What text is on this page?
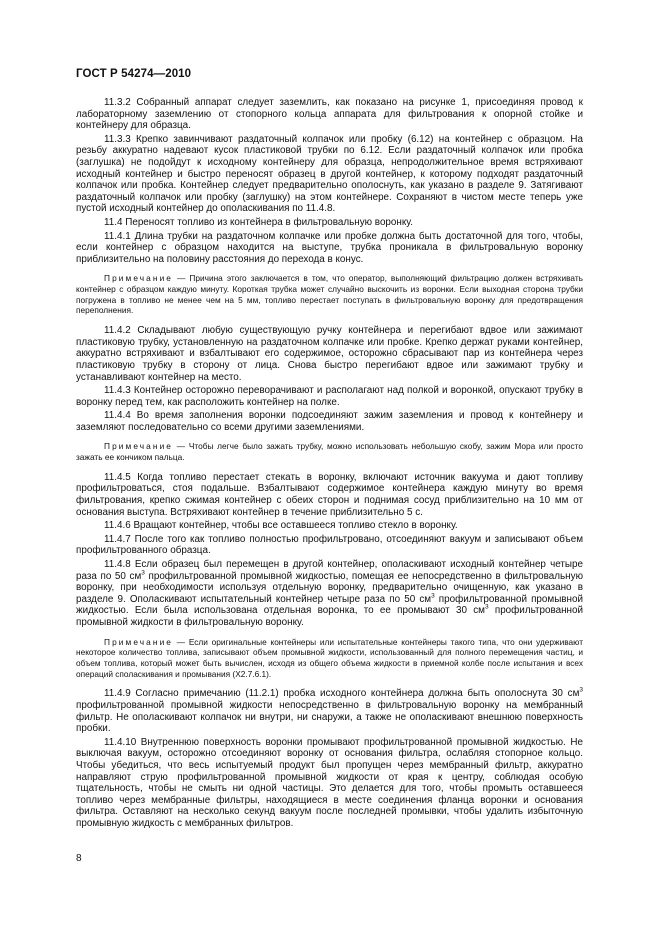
ГОСТ Р 54274—2010

11.3.2 Собранный аппарат следует заземлить, как показано на рисунке 1, присоединяя провод к лабораторному заземлению от стопорного кольца аппарата для фильтрования к опорной стойке и контейнеру для образца.

11.3.3 Крепко завинчивают раздаточный колпачок или пробку (6.12) на контейнер с образцом. На резьбу аккуратно надевают кусок пластиковой трубки по 6.12. Если раздаточный колпачок или пробка (заглушка) не подойдут к исходному контейнеру для образца, непродолжительное время встряхивают исходный контейнер и быстро переносят образец в другой контейнер, к которому подходят раздаточный колпачок или пробка. Контейнер следует предварительно ополоснуть, как указано в разделе 9. Затягивают раздаточный колпачок или пробку (заглушку) на этом контейнере. Сохраняют в чистом месте теперь уже пустой исходный контейнер до ополаскивания по 11.4.8.

11.4 Переносят топливо из контейнера в фильтровальную воронку.

11.4.1 Длина трубки на раздаточном колпачке или пробке должна быть достаточной для того, чтобы, если контейнер с образцом находится на выступе, трубка проникала в фильтровальную воронку приблизительно на половину расстояния до перехода в конус.

Примечание — Причина этого заключается в том, что оператор, выполняющий фильтрацию должен встряхивать контейнер с образцом каждую минуту. Короткая трубка может случайно выскочить из воронки. Если выходная сторона трубки погружена в топливо не менее чем на 5 мм, топливо перестает поступать в фильтровальную воронку для предотвращения переполнения.

11.4.2 Складывают любую существующую ручку контейнера и перегибают вдвое или зажимают пластиковую трубку, установленную на раздаточном колпачке или пробке. Крепко держат руками контейнер, аккуратно встряхивают и взбалтывают его содержимое, осторожно сбрасывают пар из контейнера через пластиковую трубку в сторону от лица. Снова быстро перегибают вдвое или зажимают трубку и устанавливают контейнер на место.

11.4.3 Контейнер осторожно переворачивают и располагают над полкой и воронкой, опускают трубку в воронку перед тем, как расположить контейнер на полке.

11.4.4 Во время заполнения воронки подсоединяют зажим заземления и провод к контейнеру и заземляют последовательно со всеми другими заземлениями.

Примечание — Чтобы легче было зажать трубку, можно использовать небольшую скобу, зажим Мора или просто зажать ее кончиком пальца.

11.4.5 Когда топливо перестает стекать в воронку, включают источник вакуума и дают топливу профильтроваться, стоя подальше. Взбалтывают содержимое контейнера каждую минуту во время фильтрования, крепко сжимая контейнер с обеих сторон и поднимая сосуд приблизительно на 10 мм от основания выступа. Встряхивают контейнер в течение приблизительно 5 с.

11.4.6 Вращают контейнер, чтобы все оставшееся топливо стекло в воронку.

11.4.7 После того как топливо полностью профильтровано, отсоединяют вакуум и записывают объем профильтрованного образца.

11.4.8 Если образец был перемещен в другой контейнер, ополаскивают исходный контейнер четыре раза по 50 $см^3$ профильтрованной промывной жидкостью, помещая ее непосредственно в фильтровальную воронку, при необходимости используя отдельную воронку, предварительно очищенную, как указано в разделе 9. Ополаскивают испытательный контейнер четыре раза по 50 $см^3$ профильтрованной промывной жидкостью. Если была использована отдельная воронка, то ее промывают 30 $см^3$ профильтрованной промывной жидкости в фильтровальную воронку.

Примечание — Если оригинальные контейнеры или испытательные контейнеры такого типа, что они удерживают некоторое количество топлива, записывают объем промывной жидкости, использованный для полного перемещения частиц, и объем топлива, который может быть вычислен, исходя из общего объема жидкости в приемной колбе после испытания и всех операций споласкивания и промывания (X2.7.6.1).

11.4.9 Согласно примечанию (11.2.1) пробка исходного контейнера должна быть ополоснута 30 $см^3$ профильтрованной промывной жидкости непосредственно в фильтровальную воронку на мембранный фильтр. Не ополаскивают колпачок ни внутри, ни снаружи, а также не ополаскивают внешнюю поверхность пробки.

11.4.10 Внутреннюю поверхность воронки промывают профильтрованной промывной жидкостью. Не выключая вакуум, осторожно отсоединяют воронку от основания фильтра, ослабляя стопорное кольцо. Чтобы убедиться, что весь испытуемый продукт был пропущен через мембранный фильтр, аккуратно направляют струю профильтрованной промывной жидкости от края к центру, соблюдая особую тщательность, чтобы не смыть ни одной частицы. Это делается для того, чтобы промыть оставшееся топливо через мембранные фильтры, находящиеся в месте соединения фланца воронки и основания фильтра. Оставляют на несколько секунд вакуум после последней промывки, чтобы удалить избыточную промывную жидкость с мембранных фильтров.

8
